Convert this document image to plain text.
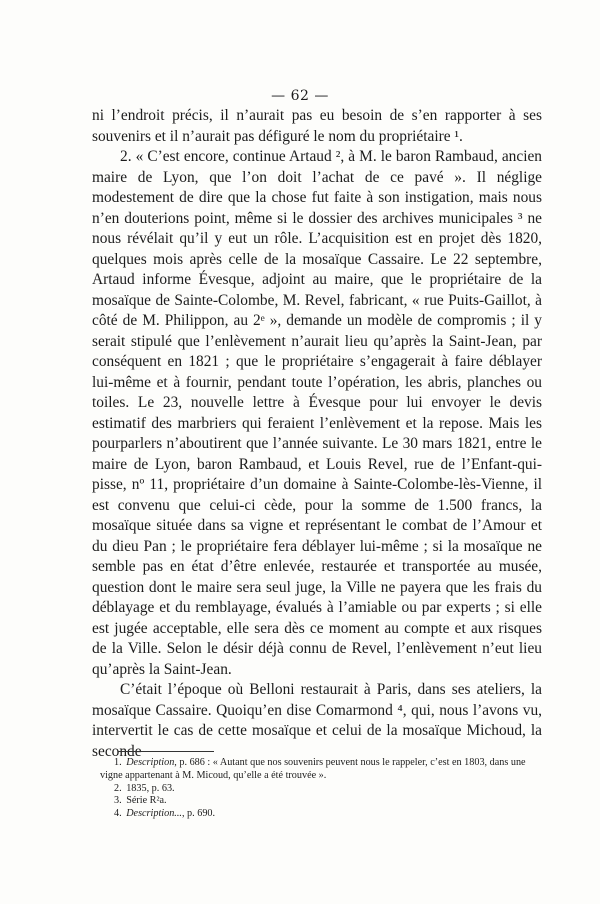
— 62 —

ni l’endroit précis, il n’aurait pas eu besoin de s’en rapporter à ses souvenirs et il n’aurait pas défiguré le nom du propriétaire ¹.

2. « C’est encore, continue Artaud ², à M. le baron Rambaud, ancien maire de Lyon, que l’on doit l’achat de ce pavé ». Il néglige modestement de dire que la chose fut faite à son instigation, mais nous n’en douterions point, même si le dossier des archives municipales ³ ne nous révélait qu’il y eut un rôle. L’acquisition est en projet dès 1820, quelques mois après celle de la mosaïque Cassaire. Le 22 septembre, Artaud informe Évesque, adjoint au maire, que le propriétaire de la mosaïque de Sainte-Colombe, M. Revel, fabricant, « rue Puits-Gaillot, à côté de M. Philippon, au 2ᵉ », demande un modèle de compromis ; il y serait stipulé que l’enlèvement n’aurait lieu qu’après la Saint-Jean, par conséquent en 1821 ; que le propriétaire s’engagerait à faire déblayer lui-même et à fournir, pendant toute l’opération, les abris, planches ou toiles. Le 23, nouvelle lettre à Évesque pour lui envoyer le devis estimatif des marbriers qui feraient l’enlèvement et la repose. Mais les pourparlers n’aboutirent que l’année suivante. Le 30 mars 1821, entre le maire de Lyon, baron Rambaud, et Louis Revel, rue de l’Enfant-qui-pisse, nº 11, propriétaire d’un domaine à Sainte-Colombe-lès-Vienne, il est convenu que celui-ci cède, pour la somme de 1.500 francs, la mosaïque située dans sa vigne et représentant le combat de l’Amour et du dieu Pan ; le propriétaire fera déblayer lui-même ; si la mosaïque ne semble pas en état d’être enlevée, restaurée et transportée au musée, question dont le maire sera seul juge, la Ville ne payera que les frais du déblayage et du remblayage, évalués à l’amiable ou par experts ; si elle est jugée acceptable, elle sera dès ce moment au compte et aux risques de la Ville. Selon le désir déjà connu de Revel, l’enlèvement n’eut lieu qu’après la Saint-Jean.

C’était l’époque où Belloni restaurait à Paris, dans ses ateliers, la mosaïque Cassaire. Quoiqu’en dise Comarmond ⁴, qui, nous l’avons vu, intervertit le cas de cette mosaïque et celui de la mosaïque Michoud, la seconde

1. Description, p. 686 : « Autant que nos souvenirs peuvent nous le rappeler, c’est en 1803, dans une vigne appartenant à M. Micoud, qu’elle a été trouvée ».

2. 1835, p. 63.

3. Série R²a.

4. Description..., p. 690.
